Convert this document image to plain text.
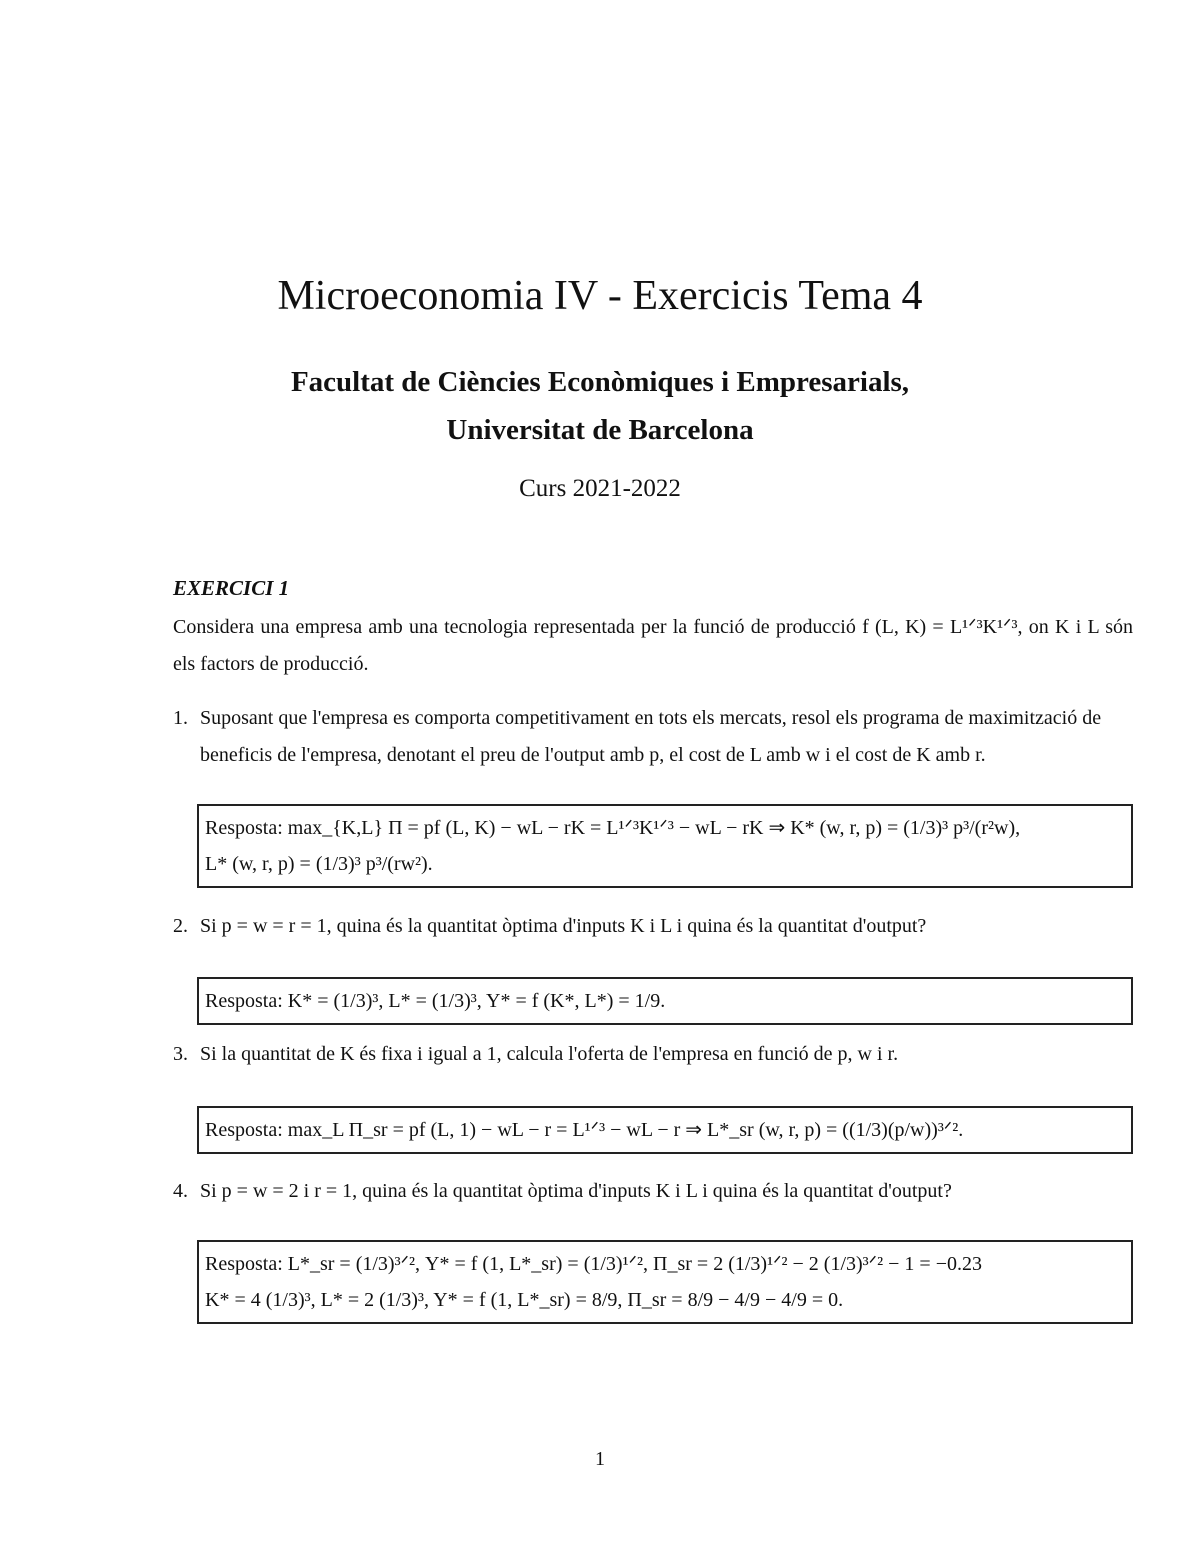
Microeconomia IV - Exercicis Tema 4
Facultat de Ciències Econòmiques i Empresarials,
Universitat de Barcelona
Curs 2021-2022
EXERCICI 1
Considera una empresa amb una tecnologia representada per la funció de producció f (L, K) = L¹ᐟ³K¹ᐟ³, on K i L són els factors de producció.
1. Suposant que l'empresa es comporta competitivament en tots els mercats, resol els programa de maximització de beneficis de l'empresa, denotant el preu de l'output amb p, el cost de L amb w i el cost de K amb r.
Resposta: max_{K,L} Π = pf (L, K) − wL − rK = L¹ᐟ³K¹ᐟ³ − wL − rK ⇒ K* (w, r, p) = (1/3)³ p³/(r²w),
L* (w, r, p) = (1/3)³ p³/(rw²).
2. Si p = w = r = 1, quina és la quantitat òptima d'inputs K i L i quina és la quantitat d'output?
Resposta: K* = (1/3)³, L* = (1/3)³, Y* = f (K*, L*) = 1/9.
3. Si la quantitat de K és fixa i igual a 1, calcula l'oferta de l'empresa en funció de p, w i r.
Resposta: max_L Π_sr = pf (L, 1) − wL − r = L¹ᐟ³ − wL − r ⇒ L*_sr (w, r, p) = ((1/3)(p/w))³ᐟ².
4. Si p = w = 2 i r = 1, quina és la quantitat òptima d'inputs K i L i quina és la quantitat d'output?
Resposta: L*_sr = (1/3)³ᐟ², Y* = f (1, L*_sr) = (1/3)¹ᐟ², Π_sr = 2 (1/3)¹ᐟ² − 2 (1/3)³ᐟ² − 1 = −0.23
K* = 4 (1/3)³, L* = 2 (1/3)³, Y* = f (1, L*_sr) = 8/9, Π_sr = 8/9 − 4/9 − 4/9 = 0.
1
